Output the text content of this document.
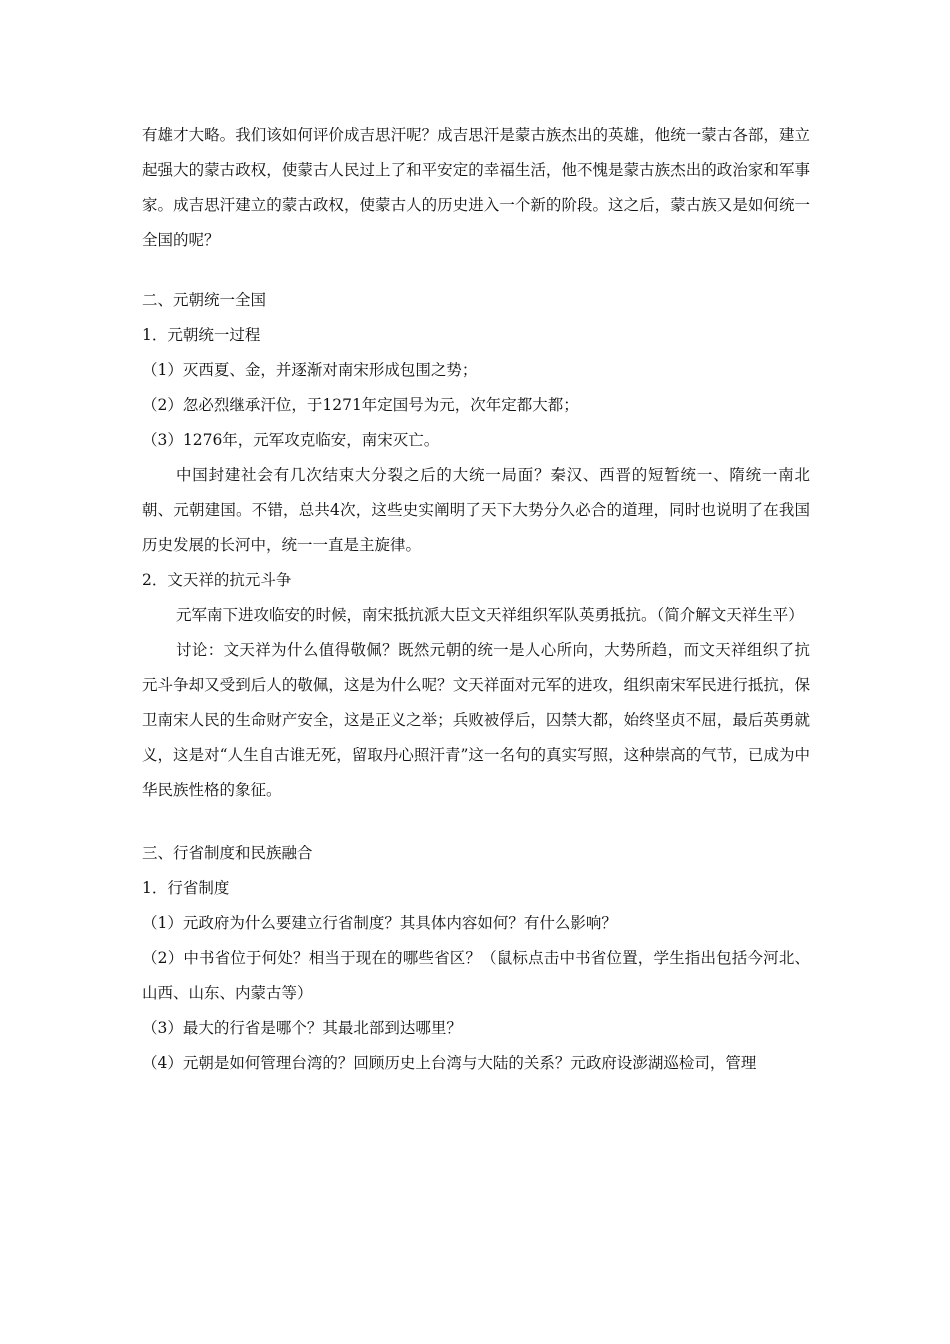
有雄才大略。我们该如何评价成吉思汗呢？成吉思汗是蒙古族杰出的英雄，他统一蒙古各部，建立起强大的蒙古政权，使蒙古人民过上了和平安定的幸福生活，他不愧是蒙古族杰出的政治家和军事家。成吉思汗建立的蒙古政权，使蒙古人的历史进入一个新的阶段。这之后，蒙古族又是如何统一全国的呢？

二、元朝统一全国

1．元朝统一过程

（1）灭西夏、金，并逐渐对南宋形成包围之势；

（2）忽必烈继承汗位，于1271年定国号为元，次年定都大都；

（3）1276年，元军攻克临安，南宋灭亡。

中国封建社会有几次结束大分裂之后的大统一局面？秦汉、西晋的短暂统一、隋统一南北朝、元朝建国。不错，总共4次，这些史实阐明了天下大势分久必合的道理，同时也说明了在我国历史发展的长河中，统一一直是主旋律。

2．文天祥的抗元斗争

元军南下进攻临安的时候，南宋抵抗派大臣文天祥组织军队英勇抵抗。（简介解文天祥生平）

讨论：文天祥为什么值得敬佩？既然元朝的统一是人心所向，大势所趋，而文天祥组织了抗元斗争却又受到后人的敬佩，这是为什么呢？文天祥面对元军的进攻，组织南宋军民进行抵抗，保卫南宋人民的生命财产安全，这是正义之举；兵败被俘后，囚禁大都，始终坚贞不屈，最后英勇就义，这是对“人生自古谁无死，留取丹心照汗青”这一名句的真实写照，这种崇高的气节，已成为中华民族性格的象征。

三、行省制度和民族融合

1．行省制度

（1）元政府为什么要建立行省制度？其具体内容如何？有什么影响？

（2）中书省位于何处？相当于现在的哪些省区？（鼠标点击中书省位置，学生指出包括今河北、山西、山东、内蒙古等）

（3）最大的行省是哪个？其最北部到达哪里？

（4）元朝是如何管理台湾的？回顾历史上台湾与大陆的关系？元政府设澎湖巡检司，管理
